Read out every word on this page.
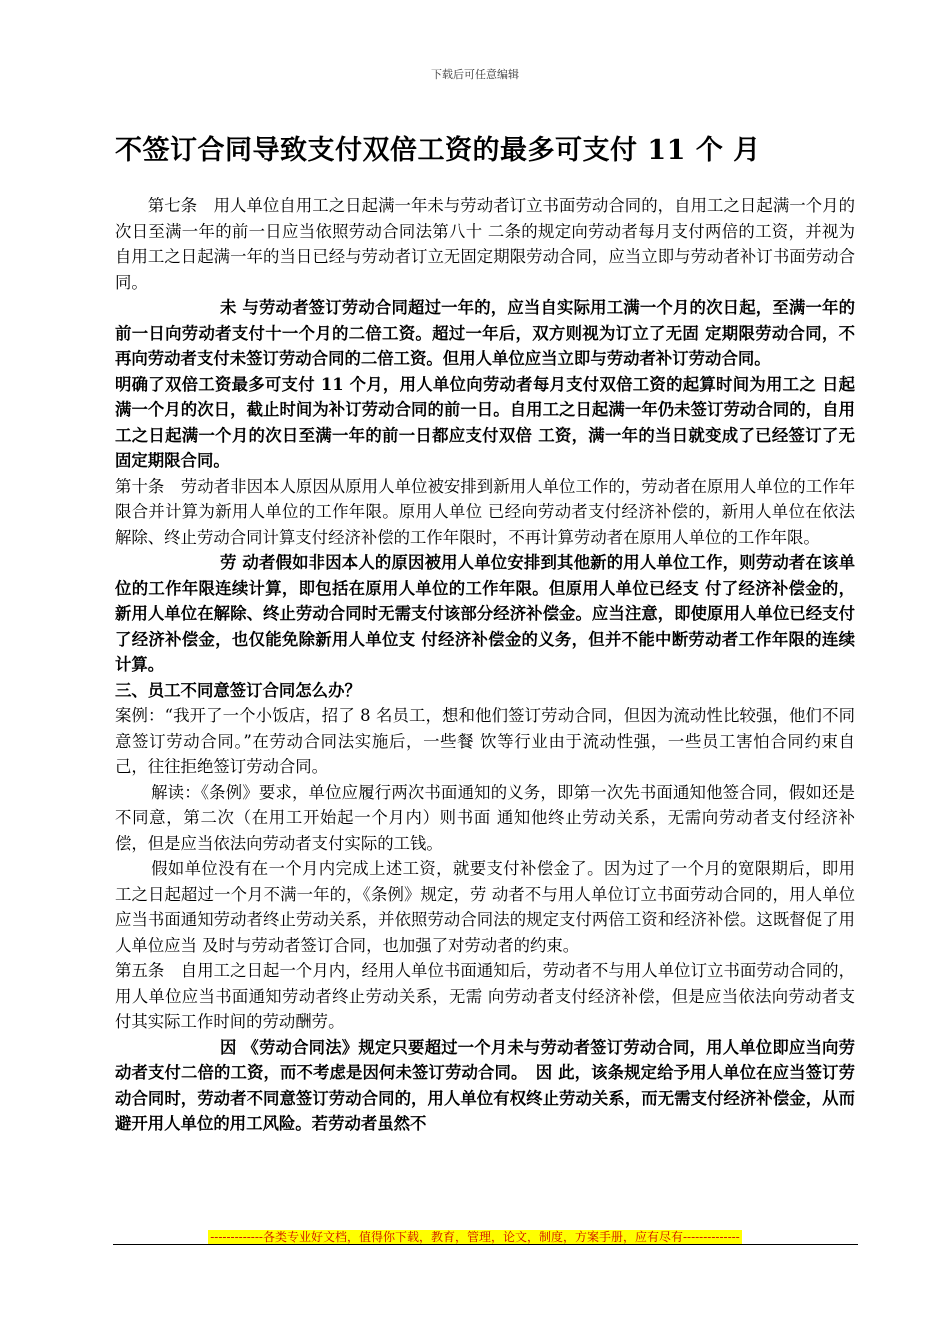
下载后可任意编辑
不签订合同导致支付双倍工资的最多可支付 11 个 月

第七条　用人单位自用工之日起满一年未与劳动者订立书面劳动合同的，自用工之日起满一个月的次日至满一年的前一日应当依照劳动合同法第八十 二条的规定向劳动者每月支付两倍的工资，并视为自用工之日起满一年的当日已经与劳动者订立无固定期限劳动合同，应当立即与劳动者补订书面劳动合同。

未 与劳动者签订劳动合同超过一年的，应当自实际用工满一个月的次日起，至满一年的前一日向劳动者支付十一个月的二倍工资。超过一年后，双方则视为订立了无固 定期限劳动合同，不再向劳动者支付未签订劳动合同的二倍工资。但用人单位应当立即与劳动者补订劳动合同。

明确了双倍工资最多可支付 11 个月，用人单位向劳动者每月支付双倍工资的起算时间为用工之 日起满一个月的次日，截止时间为补订劳动合同的前一日。自用工之日起满一年仍未签订劳动合同的，自用工之日起满一个月的次日至满一年的前一日都应支付双倍 工资，满一年的当日就变成了已经签订了无固定期限合同。

第十条　劳动者非因本人原因从原用人单位被安排到新用人单位工作的，劳动者在原用人单位的工作年限合并计算为新用人单位的工作年限。原用人单位 已经向劳动者支付经济补偿的，新用人单位在依法解除、终止劳动合同计算支付经济补偿的工作年限时，不再计算劳动者在原用人单位的工作年限。

劳 动者假如非因本人的原因被用人单位安排到其他新的用人单位工作，则劳动者在该单位的工作年限连续计算，即包括在原用人单位的工作年限。但原用人单位已经支 付了经济补偿金的，新用人单位在解除、终止劳动合同时无需支付该部分经济补偿金。应当注意，即使原用人单位已经支付了经济补偿金，也仅能免除新用人单位支 付经济补偿金的义务，但并不能中断劳动者工作年限的连续计算。

三、员工不同意签订合同怎么办？

案例：“我开了一个小饭店，招了 8 名员工，想和他们签订劳动合同，但因为流动性比较强，他们不同意签订劳动合同。”在劳动合同法实施后，一些餐 饮等行业由于流动性强，一些员工害怕合同约束自己，往往拒绝签订劳动合同。

解读：《条例》要求，单位应履行两次书面通知的义务，即第一次先书面通知他签合同，假如还是不同意，第二次（在用工开始起一个月内）则书面 通知他终止劳动关系，无需向劳动者支付经济补偿，但是应当依法向劳动者支付实际的工钱。

假如单位没有在一个月内完成上述工资，就要支付补偿金了。因为过了一个月的宽限期后，即用工之日起超过一个月不满一年的，《条例》规定，劳 动者不与用人单位订立书面劳动合同的，用人单位应当书面通知劳动者终止劳动关系，并依照劳动合同法的规定支付两倍工资和经济补偿。这既督促了用人单位应当 及时与劳动者签订合同，也加强了对劳动者的约束。

第五条　自用工之日起一个月内，经用人单位书面通知后，劳动者不与用人单位订立书面劳动合同的，用人单位应当书面通知劳动者终止劳动关系，无需 向劳动者支付经济补偿，但是应当依法向劳动者支付其实际工作时间的劳动酬劳。

因 《劳动合同法》规定只要超过一个月未与劳动者签订劳动合同，用人单位即应当向劳动者支付二倍的工资，而不考虑是因何未签订劳动合同。　因 此，该条规定给予用人单位在应当签订劳动合同时，劳动者不同意签订劳动合同的，用人单位有权终止劳动关系，而无需支付经济补偿金，从而避开用人单位的用工风险。若劳动者虽然不

-------------各类专业好文档，值得你下载，教育，管理，论文，制度，方案手册，应有尽有--------------
